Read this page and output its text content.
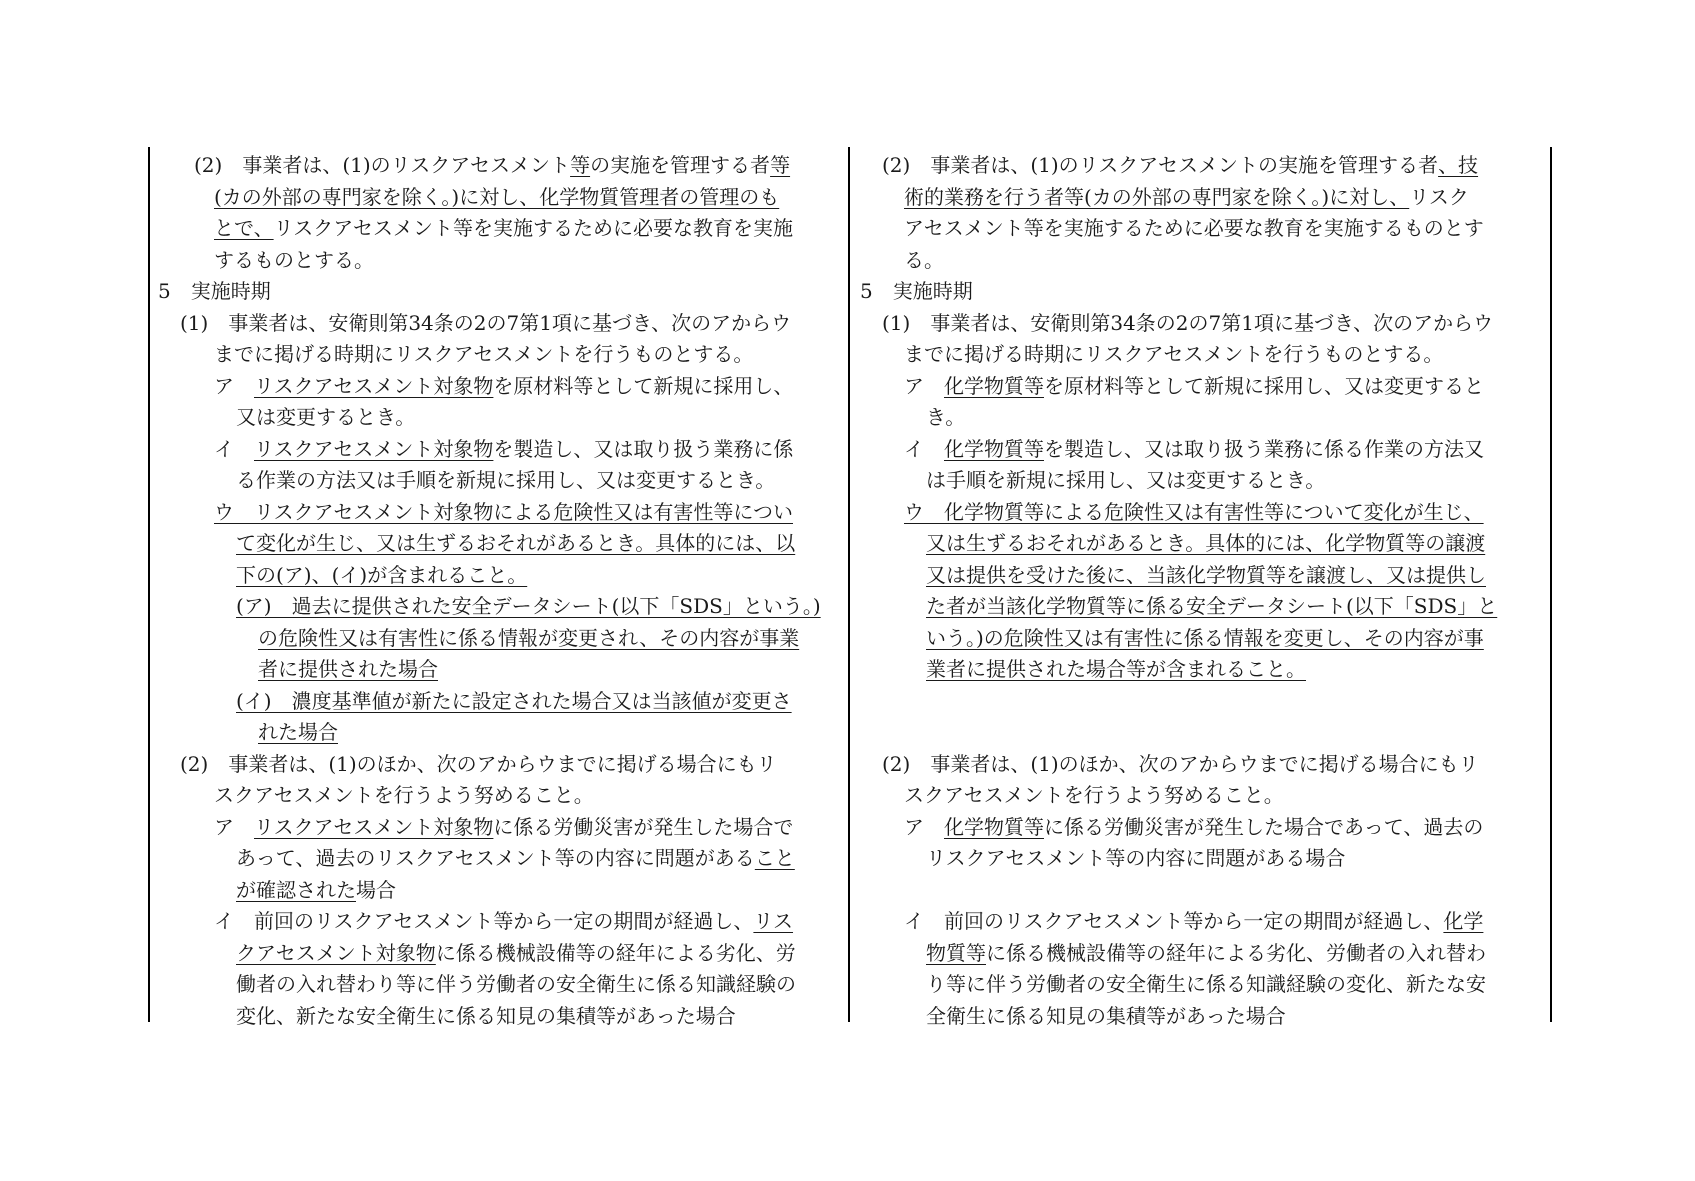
(2)　事業者は、(1)のリスクアセスメント等の実施を管理する者等
(カの外部の専門家を除く。)に対し、化学物質管理者の管理のも
とで、リスクアセスメント等を実施するために必要な教育を実施
するものとする。
5　実施時期
(1)　事業者は、安衛則第34条の2の7第1項に基づき、次のアからウ
までに掲げる時期にリスクアセスメントを行うものとする。
ア　リスクアセスメント対象物を原材料等として新規に採用し、
又は変更するとき。
イ　リスクアセスメント対象物を製造し、又は取り扱う業務に係
る作業の方法又は手順を新規に採用し、又は変更するとき。
ウ　リスクアセスメント対象物による危険性又は有害性等につい
て変化が生じ、又は生ずるおそれがあるとき。具体的には、以
下の(ア)、(イ)が含まれること。
(ア)　過去に提供された安全データシート(以下「SDS」という。)
の危険性又は有害性に係る情報が変更され、その内容が事業
者に提供された場合
(イ)　濃度基準値が新たに設定された場合又は当該値が変更さ
れた場合
(2)　事業者は、(1)のほか、次のアからウまでに掲げる場合にもリ
スクアセスメントを行うよう努めること。
ア　リスクアセスメント対象物に係る労働災害が発生した場合で
あって、過去のリスクアセスメント等の内容に問題があること
が確認された場合
イ　前回のリスクアセスメント等から一定の期間が経過し、リス
クアセスメント対象物に係る機械設備等の経年による劣化、労
働者の入れ替わり等に伴う労働者の安全衛生に係る知識経験の
変化、新たな安全衛生に係る知見の集積等があった場合
(2)　事業者は、(1)のリスクアセスメントの実施を管理する者、技
術的業務を行う者等(カの外部の専門家を除く。)に対し、リスク
アセスメント等を実施するために必要な教育を実施するものとす
る。
5　実施時期
(1)　事業者は、安衛則第34条の2の7第1項に基づき、次のアからウ
までに掲げる時期にリスクアセスメントを行うものとする。
ア　化学物質等を原材料等として新規に採用し、又は変更すると
き。
イ　化学物質等を製造し、又は取り扱う業務に係る作業の方法又
は手順を新規に採用し、又は変更するとき。
ウ　化学物質等による危険性又は有害性等について変化が生じ、
又は生ずるおそれがあるとき。具体的には、化学物質等の譲渡
又は提供を受けた後に、当該化学物質等を譲渡し、又は提供し
た者が当該化学物質等に係る安全データシート(以下「SDS」と
いう。)の危険性又は有害性に係る情報を変更し、その内容が事
業者に提供された場合等が含まれること。
(2)　事業者は、(1)のほか、次のアからウまでに掲げる場合にもリ
スクアセスメントを行うよう努めること。
ア　化学物質等に係る労働災害が発生した場合であって、過去の
リスクアセスメント等の内容に問題がある場合
イ　前回のリスクアセスメント等から一定の期間が経過し、化学
物質等に係る機械設備等の経年による劣化、労働者の入れ替わ
り等に伴う労働者の安全衛生に係る知識経験の変化、新たな安
全衛生に係る知見の集積等があった場合
